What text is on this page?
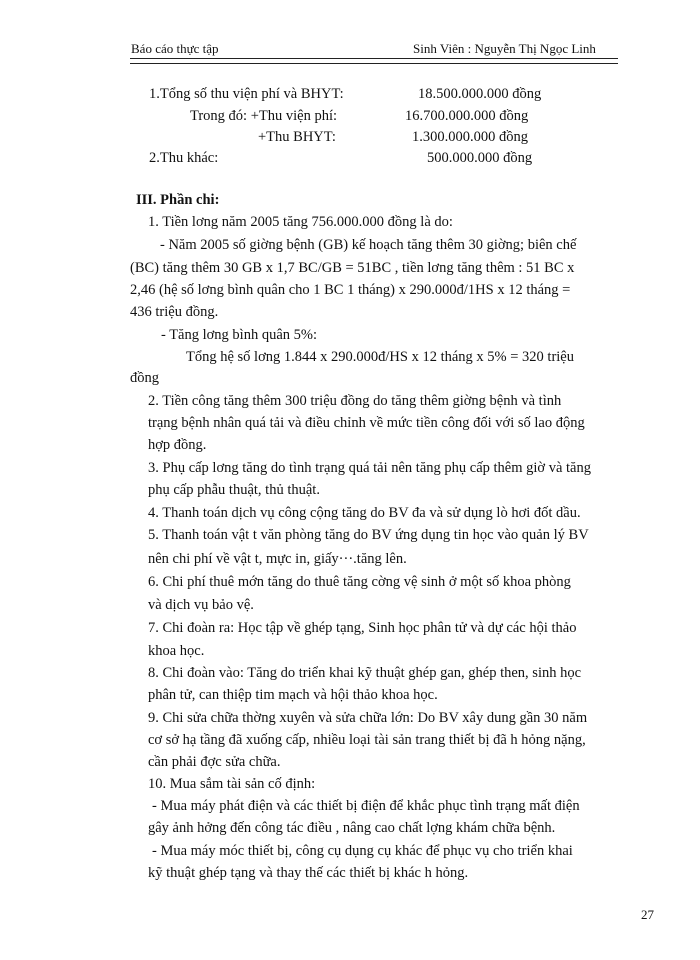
Báo cáo thực tập	Sinh Viên : Nguyễn Thị Ngọc Linh
1.Tổng số thu viện phí và BHYT:	18.500.000.000 đồng
Trong đó: +Thu viện phí:	16.700.000.000 đồng
+Thu BHYT:	1.300.000.000 đồng
2.Thu khác:	500.000.000 đồng
III. Phần chi:
1. Tiền lơng năm 2005 tăng 756.000.000 đồng là do:
- Năm 2005 số giờng bệnh (GB) kế hoạch tăng thêm 30 giờng; biên chế
(BC) tăng thêm 30 GB x 1,7 BC/GB = 51BC , tiền lơng tăng thêm : 51 BC x
2,46 (hệ số lơng bình quân cho 1 BC 1 tháng) x 290.000đ/1HS x 12 tháng =
436 triệu đồng.
- Tăng lơng bình quân 5%:
Tổng hệ số lơng 1.844 x 290.000đ/HS x 12 tháng x 5% = 320 triệu
đồng
2. Tiền công tăng thêm 300 triệu đồng do tăng thêm giờng bệnh và tình
trạng bệnh nhân quá tải và điều chỉnh về mức tiền công đối với số lao động
hợp đồng.
3. Phụ cấp lơng tăng do tình trạng quá tải nên tăng phụ cấp thêm giờ và tăng
phụ cấp phẫu thuật, thủ thuật.
4. Thanh toán dịch vụ công cộng tăng do BV đa và sử dụng lò hơi đốt dầu.
5. Thanh toán vật t văn phòng tăng do BV ứng dụng tin học vào quản lý BV
nên chi phí về vật t, mực in, giấy···.tăng lên.
6. Chi phí thuê mớn tăng do thuê tăng cờng vệ sinh ở một số khoa phòng
và dịch vụ bảo vệ.
7. Chi đoàn ra: Học tập về ghép tạng, Sinh học phân tử và dự các hội thảo
khoa học.
8. Chi đoàn vào: Tăng do triển khai kỹ thuật ghép gan, ghép then, sinh học
phân tử, can thiệp tim mạch và hội thảo khoa học.
9. Chi sửa chữa thờng xuyên và sửa chữa lớn: Do BV xây dung gần 30 năm
cơ sở hạ tầng đã xuống cấp, nhiều loại tài sản trang thiết bị đã h hỏng nặng,
cần phải đợc sửa chữa.
10. Mua sắm tài sản cố định:
- Mua máy phát điện và các thiết bị điện để khắc phục tình trạng mất điện
gây ảnh hởng đến công tác điều , nâng cao chất lợng khám chữa bệnh.
- Mua máy móc thiết bị, công cụ dụng cụ khác để phục vụ cho triển khai
kỹ thuật ghép tạng và thay thế các thiết bị khác h hỏng.
27
